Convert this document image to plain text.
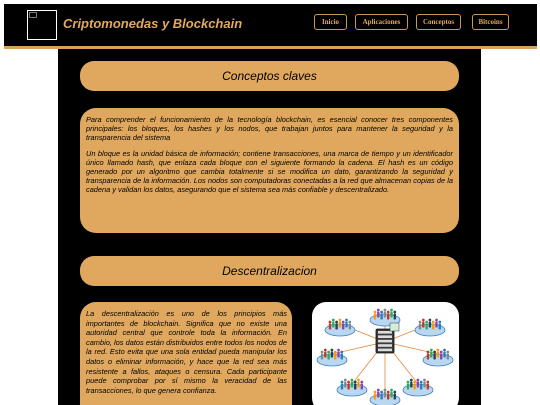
Criptomonedas y Blockchain	Inicio	Aplicaciones	Conceptos	Bitcoins
Conceptos claves

Para comprender el funcionamiento de la tecnología blockchain, es esencial conocer tres componentes principales: los bloques, los hashes y los nodos, que trabajan juntos para mantener la seguridad y la transparencia del sistema

Un bloque es la unidad básica de información; contiene transacciones, una marca de tiempo y un identificador único llamado hash, que enlaza cada bloque con el siguiente formando la cadena. El hash es un código generado por un algoritmo que cambia totalmente si se modifica un dato, garantizando la seguridad y transparencia de la información. Los nodos son computadoras conectadas a la red que almacenan copias de la cadena y validan los datos, asegurando que el sistema sea más confiable y descentralizado.

Descentralizacion
La descentralización es uno de los principios más importantes de blockchain. Significa que no existe una autoridad central que controle toda la información. En cambio, los datos están distribuidos entre todos los nodos de la red. Esto evita que una sola entidad pueda manipular los datos o eliminar información, y hace que la red sea más resistente a fallos, ataques o censura. Cada participante puede comprobar por sí mismo la veracidad de las transacciones, lo que genera confianza.
